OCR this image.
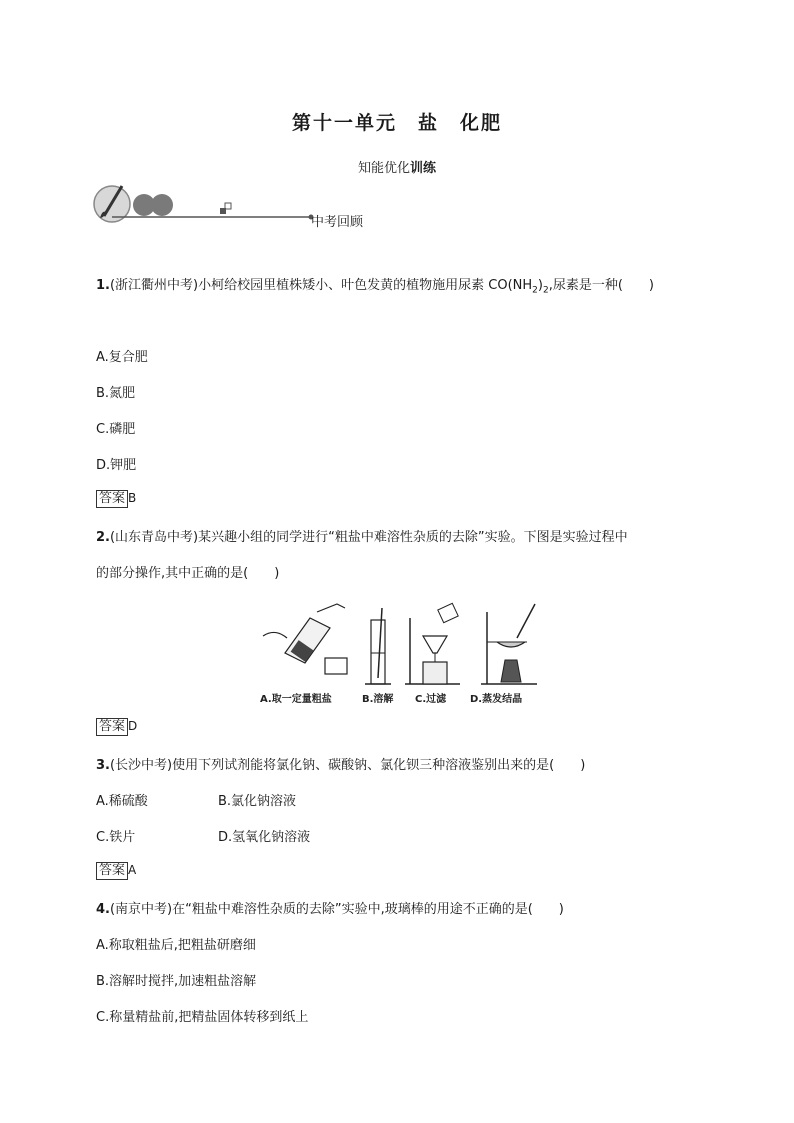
第十一单元　盐　化肥
知能优化训练
中考回顾
1.(浙江衢州中考)小柯给校园里植株矮小、叶色发黄的植物施用尿素 $CO(NH_2)_2$,尿素是一种(　　)
A.复合肥
B.氮肥
C.磷肥
D.钾肥
答案 B
2.(山东青岛中考)某兴趣小组的同学进行“粗盐中难溶性杂质的去除”实验。下图是实验过程中
的部分操作,其中正确的是(　　)
A.取一定量粗盐	B.溶解 C.过滤 D.蒸发结晶
答案 D
3.(长沙中考)使用下列试剂能将氯化钠、碳酸钠、氯化钡三种溶液鉴别出来的是(　　)
A.稀硫酸	B.氯化钠溶液
C.铁片	D.氢氧化钠溶液
答案 A
4.(南京中考)在“粗盐中难溶性杂质的去除”实验中,玻璃棒的用途不正确的是(　　)
A.称取粗盐后,把粗盐研磨细
B.溶解时搅拌,加速粗盐溶解
C.称量精盐前,把精盐固体转移到纸上
